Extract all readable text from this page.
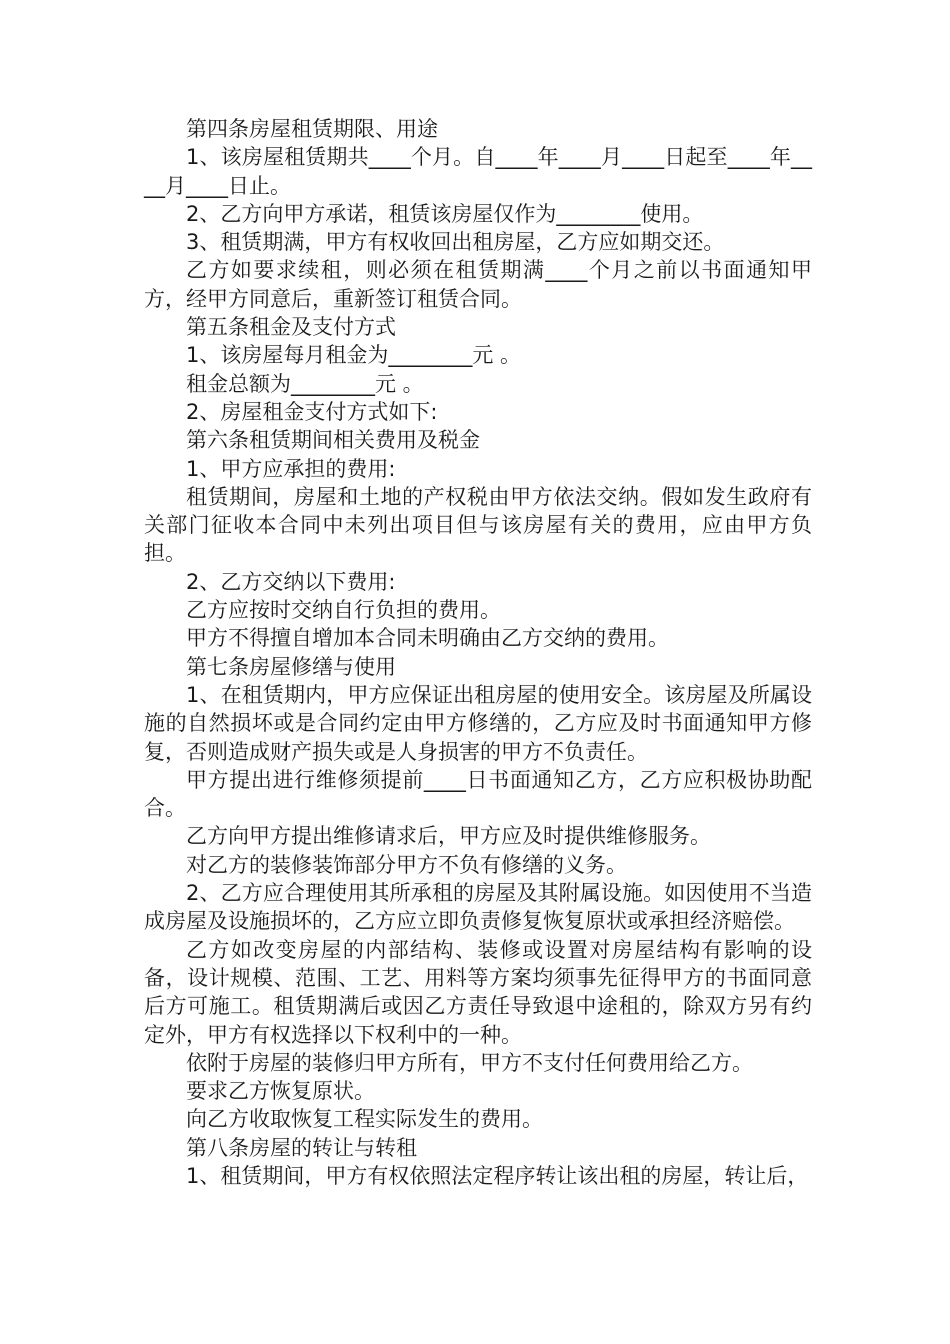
第四条房屋租赁期限、用途

1、该房屋租赁期共____个月。自____年____月____日起至____年____月____日止。

2、乙方向甲方承诺，租赁该房屋仅作为________使用。

3、租赁期满，甲方有权收回出租房屋，乙方应如期交还。

乙方如要求续租，则必须在租赁期满____个月之前以书面通知甲方，经甲方同意后，重新签订租赁合同。

第五条租金及支付方式

1、该房屋每月租金为________元 。

租金总额为________元 。

2、房屋租金支付方式如下:

第六条租赁期间相关费用及税金

1、甲方应承担的费用:

租赁期间，房屋和土地的产权税由甲方依法交纳。假如发生政府有关部门征收本合同中未列出项目但与该房屋有关的费用，应由甲方负担。

2、乙方交纳以下费用:

乙方应按时交纳自行负担的费用。

甲方不得擅自增加本合同未明确由乙方交纳的费用。

第七条房屋修缮与使用

1、在租赁期内，甲方应保证出租房屋的使用安全。该房屋及所属设施的自然损坏或是合同约定由甲方修缮的，乙方应及时书面通知甲方修复，否则造成财产损失或是人身损害的甲方不负责任。

甲方提出进行维修须提前____日书面通知乙方，乙方应积极协助配合。

乙方向甲方提出维修请求后，甲方应及时提供维修服务。

对乙方的装修装饰部分甲方不负有修缮的义务。

2、乙方应合理使用其所承租的房屋及其附属设施。如因使用不当造成房屋及设施损坏的，乙方应立即负责修复恢复原状或承担经济赔偿。

乙方如改变房屋的内部结构、装修或设置对房屋结构有影响的设备，设计规模、范围、工艺、用料等方案均须事先征得甲方的书面同意后方可施工。租赁期满后或因乙方责任导致退中途租的，除双方另有约定外，甲方有权选择以下权利中的一种。

依附于房屋的装修归甲方所有，甲方不支付任何费用给乙方。

要求乙方恢复原状。

向乙方收取恢复工程实际发生的费用。

第八条房屋的转让与转租

1、租赁期间，甲方有权依照法定程序转让该出租的房屋，转让后，
